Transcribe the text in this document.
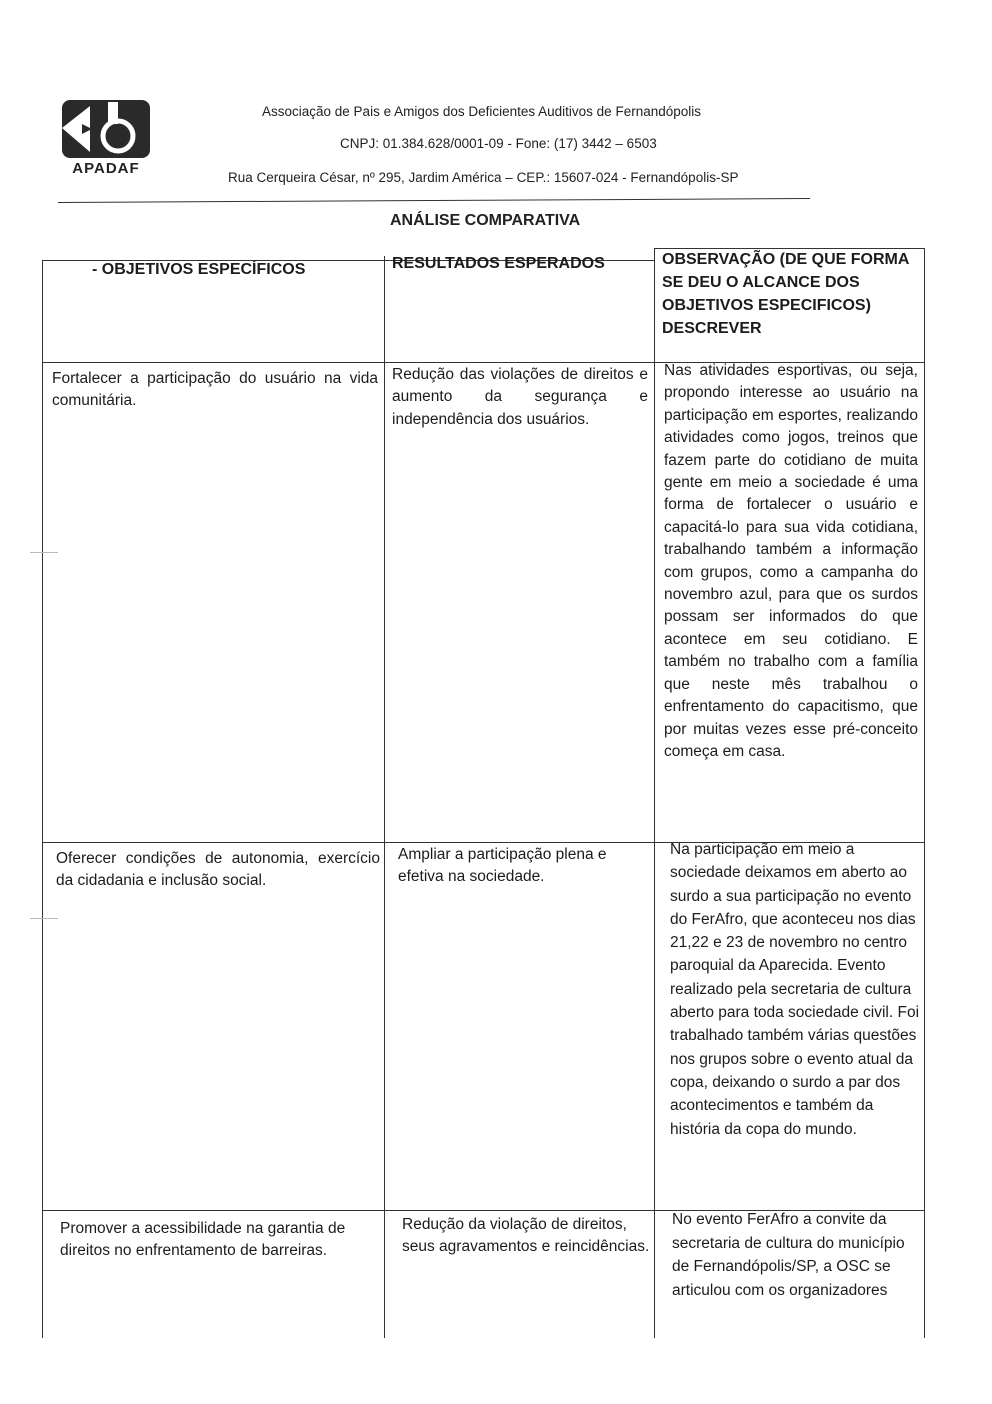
APADAF
Associação de Pais e Amigos dos Deficientes Auditivos de Fernandópolis
CNPJ: 01.384.628/0001-09 - Fone: (17) 3442 – 6503
Rua Cerqueira César, nº 295, Jardim América – CEP.: 15607-024 - Fernandópolis-SP
ANÁLISE COMPARATIVA
- OBJETIVOS ESPECÍFICOS	RESULTADOS ESPERADOS	OBSERVAÇÃO (DE QUE FORMA SE DEU O ALCANCE DOS OBJETIVOS ESPECIFICOS) DESCREVER
Fortalecer a participação do usuário na vida comunitária.
Redução das violações de direitos e aumento da segurança e independência dos usuários.
Nas atividades esportivas, ou seja, propondo interesse ao usuário na participação em esportes, realizando atividades como jogos, treinos que fazem parte do cotidiano de muita gente em meio a sociedade é uma forma de fortalecer o usuário e capacitá-lo para sua vida cotidiana, trabalhando também a informação com grupos, como a campanha do novembro azul, para que os surdos possam ser informados do que acontece em seu cotidiano. E também no trabalho com a família que neste mês trabalhou o enfrentamento do capacitismo, que por muitas vezes esse pré-conceito começa em casa.
Oferecer condições de autonomia, exercício da cidadania e inclusão social.
Ampliar a participação plena e efetiva na sociedade.
Na participação em meio a sociedade deixamos em aberto ao surdo a sua participação no evento do FerAfro, que aconteceu nos dias 21,22 e 23 de novembro no centro paroquial da Aparecida. Evento realizado pela secretaria de cultura aberto para toda sociedade civil. Foi trabalhado também várias questões nos grupos sobre o evento atual da copa, deixando o surdo a par dos acontecimentos e também da história da copa do mundo.
Promover a acessibilidade na garantia de direitos no enfrentamento de barreiras.
Redução da violação de direitos, seus agravamentos e reincidências.
No evento FerAfro a convite da secretaria de cultura do município de Fernandópolis/SP, a OSC se articulou com os organizadores
